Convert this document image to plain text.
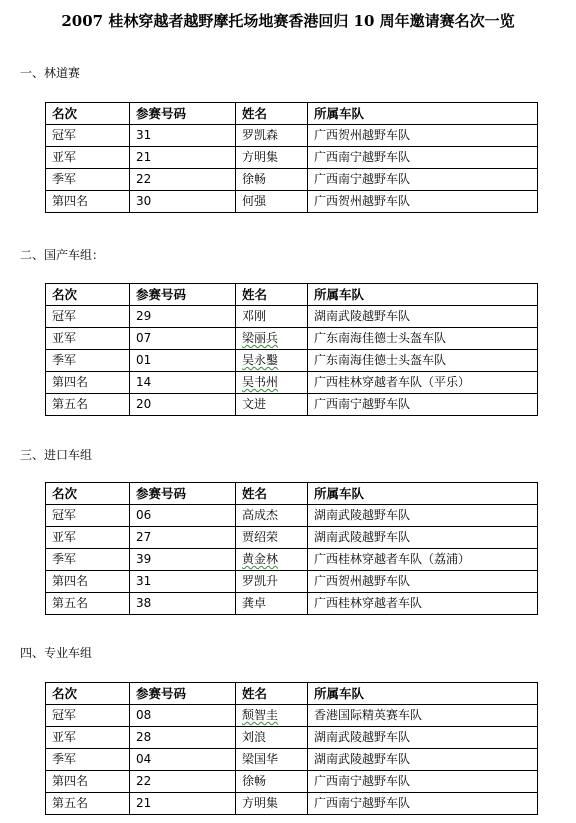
2007 桂林穿越者越野摩托场地赛香港回归 10 周年邀请赛名次一览
一、林道赛
名次	参赛号码	姓名	所属车队
冠军	31	罗凯森	广西贺州越野车队
亚军	21	方明集	广西南宁越野车队
季军	22	徐畅	广西南宁越野车队
第四名	30	何强	广西贺州越野车队
二、国产车组：
名次	参赛号码	姓名	所属车队
冠军	29	邓刚	湖南武陵越野车队
亚军	07	梁丽兵	广东南海佳德士头盔车队
季军	01	吴永鑿	广东南海佳德士头盔车队
第四名	14	吴书州	广西桂林穿越者车队（平乐）
第五名	20	文进	广西南宁越野车队
三、进口车组
名次	参赛号码	姓名	所属车队
冠军	06	高成杰	湖南武陵越野车队
亚军	27	贾绍荣	湖南武陵越野车队
季军	39	黄金林	广西桂林穿越者车队（荔浦）
第四名	31	罗凯升	广西贺州越野车队
第五名	38	龚卓	广西桂林穿越者车队
四、专业车组
名次	参赛号码	姓名	所属车队
冠军	08	颓智圭	香港国际精英赛车队
亚军	28	刘浪	湖南武陵越野车队
季军	04	梁国华	湖南武陵越野车队
第四名	22	徐畅	广西南宁越野车队
第五名	21	方明集	广西南宁越野车队
